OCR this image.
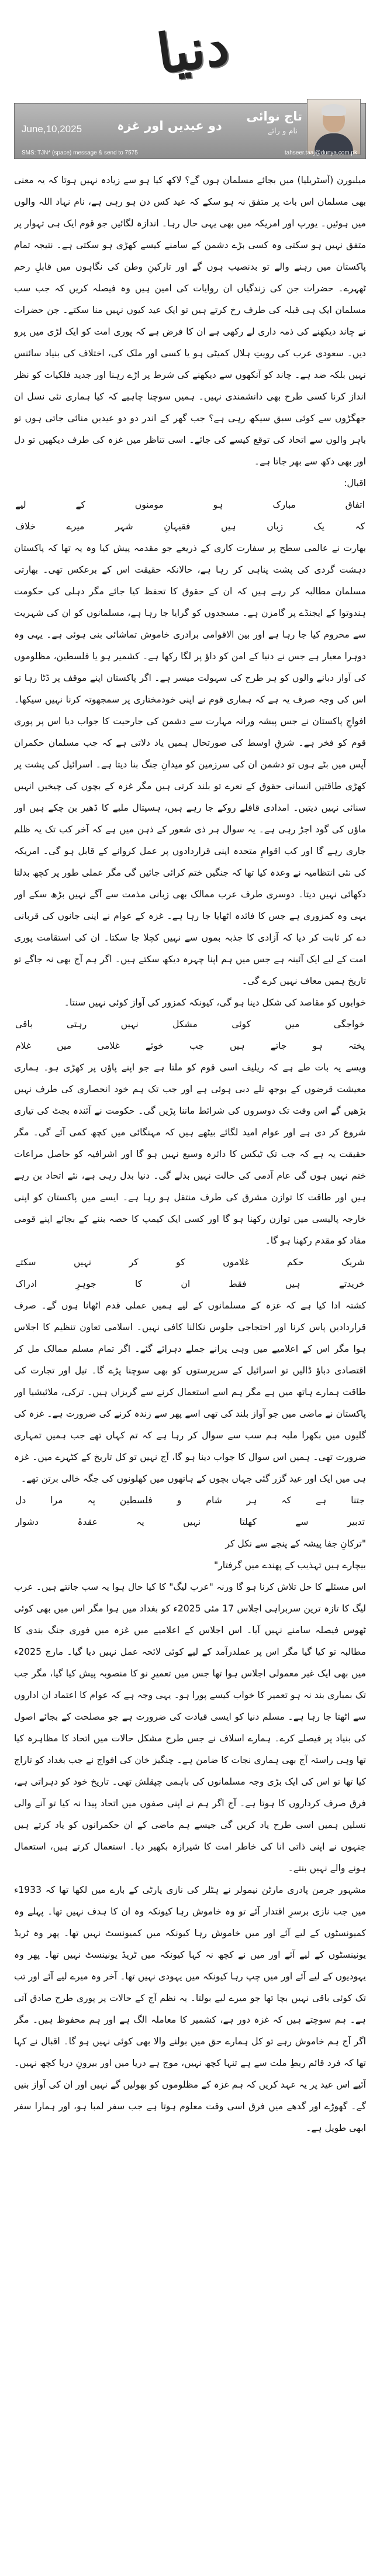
دنیا
June,10,2025	دو عیدیں اور غزہ
تاج نوائی
نام و رائے
SMS: TJN* (space) message & send to 7575	tahseer.taaj@dunya.com.pk

میلبورن (آسٹریلیا) میں بجائے مسلمان ہوں گے؟ لاکھ کیا ہو سے زیادہ نہیں ہوتا کہ یہ معنی بھی مسلمان اس بات پر متفق نہ ہو سکے کہ عید کس دن ہو رہی ہے، نام نہاد اللہ والوں میں ہوئیں۔ یورپ اور امریکہ میں بھی یہی حال رہا۔ اندازہ لگائیں جو قوم ایک ہی تہوار پر متفق نہیں ہو سکتی وہ کسی بڑے دشمن کے سامنے کیسے کھڑی ہو سکتی ہے۔ نتیجہ تمام پاکستان میں رہنے والے تو بدنصیب ہوں گے اور تارکینِ وطن کی نگاہوں میں قابلِ رحم ٹھہرے۔ حضرات جن کی زندگیاں ان روایات کی امین ہیں وہ فیصلہ کریں کہ جب سب مسلمان ایک ہی قبلہ کی طرف رخ کرتے ہیں تو ایک عید کیوں نہیں منا سکتے۔ جن حضرات نے چاند دیکھنے کی ذمہ داری لے رکھی ہے ان کا فرض ہے کہ پوری امت کو ایک لڑی میں پرو دیں۔ سعودی عرب کی رویتِ ہلال کمیٹی ہو یا کسی اور ملک کی، اختلاف کی بنیاد سائنس نہیں بلکہ ضد ہے۔ چاند کو آنکھوں سے دیکھنے کی شرط پر اڑے رہنا اور جدید فلکیات کو نظر انداز کرنا کسی طرح بھی دانشمندی نہیں۔ ہمیں سوچنا چاہیے کہ کیا ہماری نئی نسل ان جھگڑوں سے کوئی سبق سیکھ رہی ہے؟ جب گھر کے اندر دو دو عیدیں منائی جاتی ہوں تو باہر والوں سے اتحاد کی توقع کیسے کی جائے۔ اسی تناظر میں غزہ کی طرف دیکھیں تو دل اور بھی دکھ سے بھر جاتا ہے۔

اقبال:

اتفاق مبارک ہو مومنوں کے لیے
کہ یک زباں ہیں فقیہانِ شہر میرے خلاف

بھارت نے عالمی سطح پر سفارت کاری کے ذریعے جو مقدمہ پیش کیا وہ یہ تھا کہ پاکستان دہشت گردی کی پشت پناہی کر رہا ہے، حالانکہ حقیقت اس کے برعکس تھی۔ بھارتی مسلمان مطالبہ کر رہے ہیں کہ ان کے حقوق کا تحفظ کیا جائے مگر دہلی کی حکومت ہندوتوا کے ایجنڈے پر گامزن ہے۔ مسجدوں کو گرایا جا رہا ہے، مسلمانوں کو ان کی شہریت سے محروم کیا جا رہا ہے اور بین الاقوامی برادری خاموش تماشائی بنی ہوئی ہے۔ یہی وہ دوہرا معیار ہے جس نے دنیا کے امن کو داؤ پر لگا رکھا ہے۔ کشمیر ہو یا فلسطین، مظلوموں کی آواز دبانے والوں کو ہر طرح کی سہولت میسر ہے۔ اگر پاکستان اپنے موقف پر ڈٹا رہا تو اس کی وجہ صرف یہ ہے کہ ہماری قوم نے اپنی خودمختاری پر سمجھوتہ کرنا نہیں سیکھا۔ افواجِ پاکستان نے جس پیشہ ورانہ مہارت سے دشمن کی جارحیت کا جواب دیا اس پر پوری قوم کو فخر ہے۔ شرقِ اوسط کی صورتحال ہمیں یاد دلاتی ہے کہ جب مسلمان حکمران آپس میں بٹے ہوں تو دشمن ان کی سرزمین کو میدانِ جنگ بنا دیتا ہے۔ اسرائیل کی پشت پر کھڑی طاقتیں انسانی حقوق کے نعرے تو بلند کرتی ہیں مگر غزہ کے بچوں کی چیخیں انہیں سنائی نہیں دیتیں۔ امدادی قافلے روکے جا رہے ہیں، ہسپتال ملبے کا ڈھیر بن چکے ہیں اور ماؤں کی گود اجڑ رہی ہے۔ یہ سوال ہر ذی شعور کے ذہن میں ہے کہ آخر کب تک یہ ظلم جاری رہے گا اور کب اقوامِ متحدہ اپنی قراردادوں پر عمل کروانے کے قابل ہو گی۔ امریکہ کی نئی انتظامیہ نے وعدہ کیا تھا کہ جنگیں ختم کرائی جائیں گی مگر عملی طور پر کچھ بدلتا دکھائی نہیں دیتا۔ دوسری طرف عرب ممالک بھی زبانی مذمت سے آگے نہیں بڑھ سکے اور یہی وہ کمزوری ہے جس کا فائدہ اٹھایا جا رہا ہے۔ غزہ کے عوام نے اپنی جانوں کی قربانی دے کر ثابت کر دیا کہ آزادی کا جذبہ بموں سے نہیں کچلا جا سکتا۔ ان کی استقامت پوری امت کے لیے ایک آئینہ ہے جس میں ہم اپنا چہرہ دیکھ سکتے ہیں۔ اگر ہم آج بھی نہ جاگے تو تاریخ ہمیں معاف نہیں کرے گی۔

خوابوں کو مقاصد کی شکل دینا ہو گی، کیونکہ کمزور کی آواز کوئی نہیں سنتا۔

خواجگی میں کوئی مشکل نہیں رہتی باقی
پختہ ہو جاتے ہیں جب خوئے غلامی میں غلام

ویسے یہ بات طے ہے کہ ریلیف اسی قوم کو ملتا ہے جو اپنے پاؤں پر کھڑی ہو۔ ہماری معیشت قرضوں کے بوجھ تلے دبی ہوئی ہے اور جب تک ہم خود انحصاری کی طرف نہیں بڑھیں گے اس وقت تک دوسروں کی شرائط ماننا پڑیں گی۔ حکومت نے آئندہ بجٹ کی تیاری شروع کر دی ہے اور عوام امید لگائے بیٹھے ہیں کہ مہنگائی میں کچھ کمی آئے گی۔ مگر حقیقت یہ ہے کہ جب تک ٹیکس کا دائرہ وسیع نہیں ہو گا اور اشرافیہ کو حاصل مراعات ختم نہیں ہوں گی عام آدمی کی حالت نہیں بدلے گی۔ دنیا بدل رہی ہے، نئے اتحاد بن رہے ہیں اور طاقت کا توازن مشرق کی طرف منتقل ہو رہا ہے۔ ایسے میں پاکستان کو اپنی خارجہ پالیسی میں توازن رکھنا ہو گا اور کسی ایک کیمپ کا حصہ بننے کے بجائے اپنے قومی مفاد کو مقدم رکھنا ہو گا۔

شریک حکم غلاموں کو کر نہیں سکتے
خریدتے ہیں فقط ان کا جوہرِ ادراک

کشتہ ادا کیا ہے کہ غزہ کے مسلمانوں کے لیے ہمیں عملی قدم اٹھانا ہوں گے۔ صرف قراردادیں پاس کرنا اور احتجاجی جلوس نکالنا کافی نہیں۔ اسلامی تعاون تنظیم کا اجلاس ہوا مگر اس کے اعلامیے میں وہی پرانے جملے دہرائے گئے۔ اگر تمام مسلم ممالک مل کر اقتصادی دباؤ ڈالیں تو اسرائیل کے سرپرستوں کو بھی سوچنا پڑے گا۔ تیل اور تجارت کی طاقت ہمارے ہاتھ میں ہے مگر ہم اسے استعمال کرنے سے گریزاں ہیں۔ ترکی، ملائیشیا اور پاکستان نے ماضی میں جو آواز بلند کی تھی اسے پھر سے زندہ کرنے کی ضرورت ہے۔ غزہ کی گلیوں میں بکھرا ملبہ ہم سب سے سوال کر رہا ہے کہ تم کہاں تھے جب ہمیں تمہاری ضرورت تھی۔ ہمیں اس سوال کا جواب دینا ہو گا، آج نہیں تو کل تاریخ کے کٹہرے میں۔ غزہ ہی میں ایک اور عید گزر گئی جہاں بچوں کے ہاتھوں میں کھلونوں کی جگہ خالی برتن تھے۔

جتنا ہے کہ ہر شام و فلسطین پہ مرا دل
تدبیر سے کھلتا نہیں یہ عقدۂ دشوار

"ترکانِ جفا پیشہ کے پنجے سے نکل کر
بیچارے ہیں تہذیب کے پھندے میں گرفتار"

اس مسئلے کا حل تلاش کرنا ہو گا ورنہ "عرب لیگ" کا کیا حال ہوا یہ سب جانتے ہیں۔ عرب لیگ کا تازہ ترین سربراہی اجلاس 17 مئی 2025ء کو بغداد میں ہوا مگر اس میں بھی کوئی ٹھوس فیصلہ سامنے نہیں آیا۔ اس اجلاس کے اعلامیے میں غزہ میں فوری جنگ بندی کا مطالبہ تو کیا گیا مگر اس پر عملدرآمد کے لیے کوئی لائحہ عمل نہیں دیا گیا۔ مارچ 2025ء میں بھی ایک غیر معمولی اجلاس ہوا تھا جس میں تعمیرِ نو کا منصوبہ پیش کیا گیا، مگر جب تک بمباری بند نہ ہو تعمیر کا خواب کیسے پورا ہو۔ یہی وجہ ہے کہ عوام کا اعتماد ان اداروں سے اٹھتا جا رہا ہے۔ مسلم دنیا کو ایسی قیادت کی ضرورت ہے جو مصلحت کے بجائے اصول کی بنیاد پر فیصلے کرے۔ ہمارے اسلاف نے جس طرح مشکل حالات میں اتحاد کا مظاہرہ کیا تھا وہی راستہ آج بھی ہماری نجات کا ضامن ہے۔ چنگیز خان کی افواج نے جب بغداد کو تاراج کیا تھا تو اس کی ایک بڑی وجہ مسلمانوں کی باہمی چپقلش تھی۔ تاریخ خود کو دہراتی ہے، فرق صرف کرداروں کا ہوتا ہے۔ آج اگر ہم نے اپنی صفوں میں اتحاد پیدا نہ کیا تو آنے والی نسلیں ہمیں اسی طرح یاد کریں گی جیسے ہم ماضی کے ان حکمرانوں کو یاد کرتے ہیں جنہوں نے اپنی ذاتی انا کی خاطر امت کا شیرازہ بکھیر دیا۔ استعمال کرتے ہیں، استعمال ہونے والے نہیں بنتے۔

مشہور جرمن پادری مارٹن نیمولر نے ہٹلر کی نازی پارٹی کے بارے میں لکھا تھا کہ 1933ء میں جب نازی برسرِ اقتدار آئے تو وہ خاموش رہا کیونکہ وہ ان کا ہدف نہیں تھا۔ پہلے وہ کمیونسٹوں کے لیے آئے اور میں خاموش رہا کیونکہ میں کمیونسٹ نہیں تھا۔ پھر وہ ٹریڈ یونینسٹوں کے لیے آئے اور میں نے کچھ نہ کہا کیونکہ میں ٹریڈ یونینسٹ نہیں تھا۔ پھر وہ یہودیوں کے لیے آئے اور میں چپ رہا کیونکہ میں یہودی نہیں تھا۔ آخر وہ میرے لیے آئے اور تب تک کوئی باقی نہیں بچا تھا جو میرے لیے بولتا۔ یہ نظم آج کے حالات پر پوری طرح صادق آتی ہے۔ ہم سوچتے ہیں کہ غزہ دور ہے، کشمیر کا معاملہ الگ ہے اور ہم محفوظ ہیں۔ مگر اگر آج ہم خاموش رہے تو کل ہمارے حق میں بولنے والا بھی کوئی نہیں ہو گا۔ اقبال نے کہا تھا کہ فرد قائم ربطِ ملت سے ہے تنہا کچھ نہیں، موج ہے دریا میں اور بیرونِ دریا کچھ نہیں۔ آئیے اس عید پر یہ عہد کریں کہ ہم غزہ کے مظلوموں کو بھولیں گے نہیں اور ان کی آواز بنیں گے۔ گھوڑے اور گدھے میں فرق اسی وقت معلوم ہوتا ہے جب سفر لمبا ہو، اور ہمارا سفر ابھی طویل ہے۔
